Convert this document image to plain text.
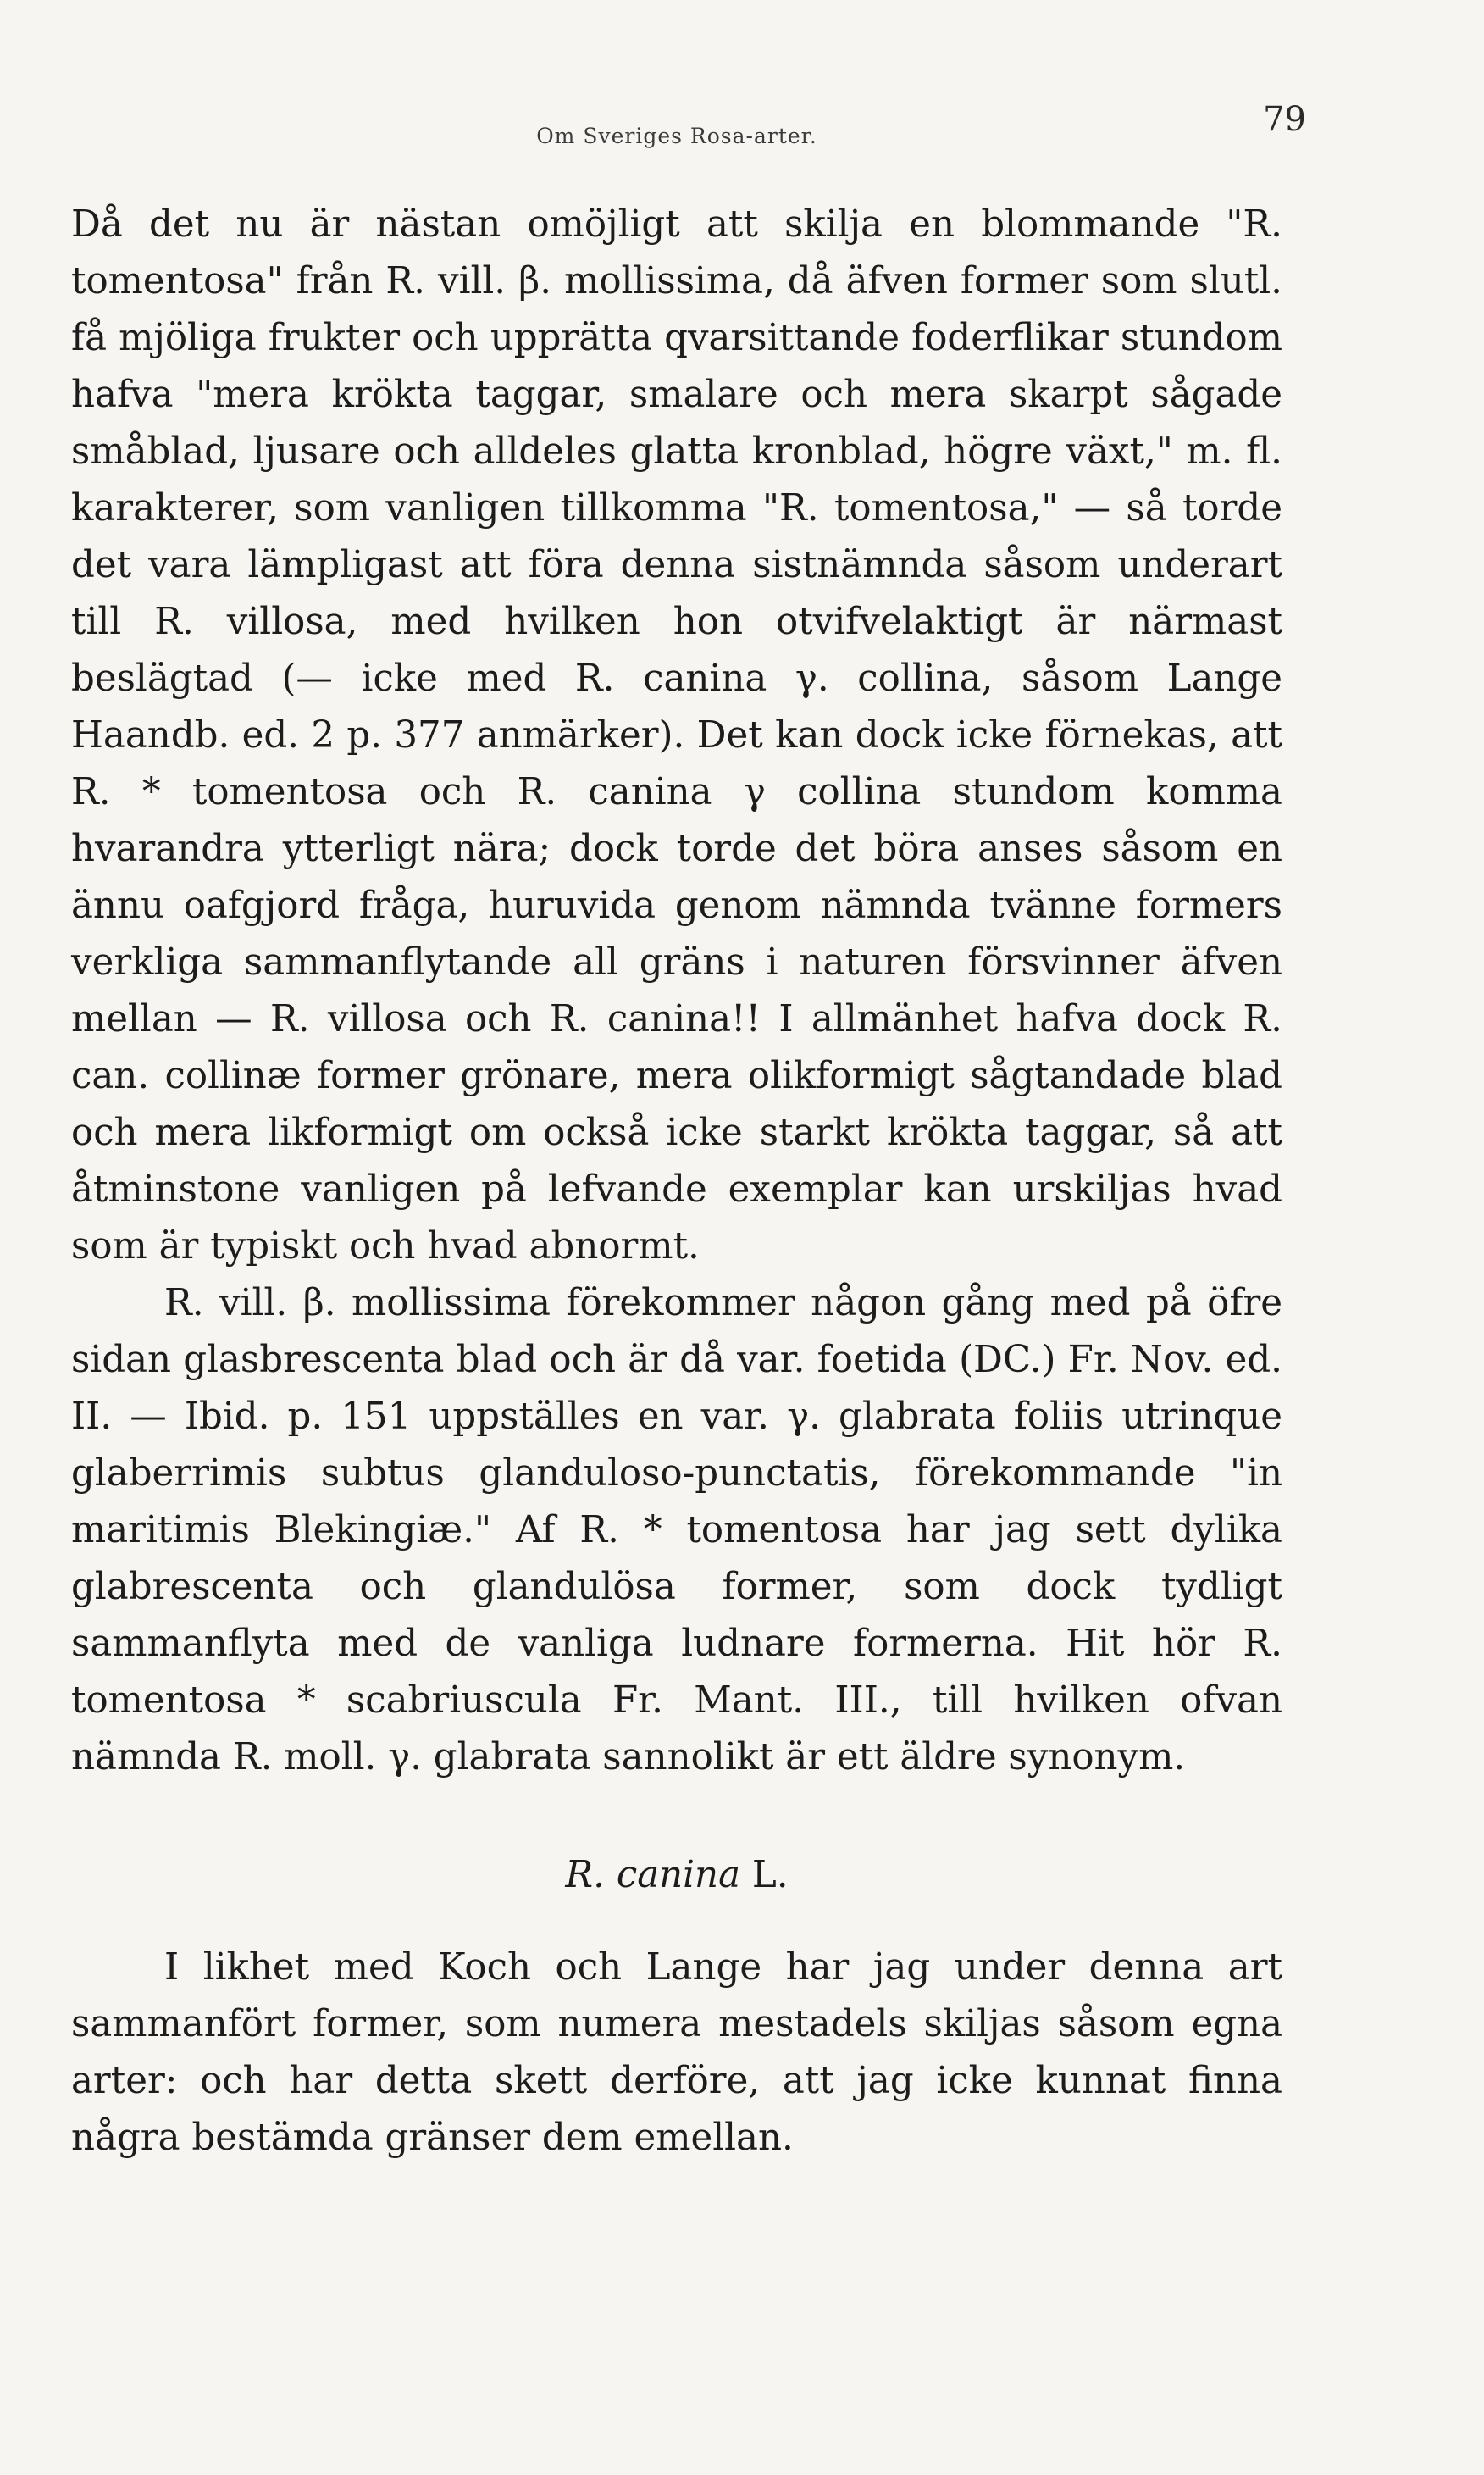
Om Sveriges Rosa-arter.	79

Då det nu är nästan omöjligt att skilja en blommande "R. tomentosa" från R. vill. β. mollissima, då äfven former som slutl. få mjöliga frukter och upprätta qvarsittande foderflikar stundom hafva "mera krökta taggar, smalare och mera skarpt sågade småblad, ljusare och alldeles glatta kronblad, högre växt," m. fl. karakterer, som vanligen tillkomma "R. tomentosa," — så torde det vara lämpligast att föra denna sistnämnda såsom underart till R. villosa, med hvilken hon otvifvelaktigt är närmast beslägtad (— icke med R. canina γ. collina, såsom Lange Haandb. ed. 2 p. 377 anmärker). Det kan dock icke förnekas, att R. * tomentosa och R. canina γ collina stundom komma hvarandra ytterligt nära; dock torde det böra anses såsom en ännu oafgjord fråga, huruvida genom nämnda tvänne formers verkliga sammanflytande all gräns i naturen försvinner äfven mellan — R. villosa och R. canina!! I allmänhet hafva dock R. can. collinæ former grönare, mera olikformigt sågtandade blad och mera likformigt om också icke starkt krökta taggar, så att åtminstone vanligen på lefvande exemplar kan urskiljas hvad som är typiskt och hvad abnormt.

R. vill. β. mollissima förekommer någon gång med på öfre sidan glasbrescenta blad och är då var. foetida (DC.) Fr. Nov. ed. II. — Ibid. p. 151 uppställes en var. γ. glabrata foliis utrinque glaberrimis subtus glanduloso-punctatis, förekommande "in maritimis Blekingiæ." Af R. * tomentosa har jag sett dylika glabrescenta och glandulösa former, som dock tydligt sammanflyta med de vanliga ludnare formerna. Hit hör R. tomentosa * scabriuscula Fr. Mant. III., till hvilken ofvan nämnda R. moll. γ. glabrata sannolikt är ett äldre synonym.

R. canina L.

I likhet med Koch och Lange har jag under denna art sammanfört former, som numera mestadels skiljas såsom egna arter: och har detta skett derföre, att jag icke kunnat finna några bestämda gränser dem emellan.
